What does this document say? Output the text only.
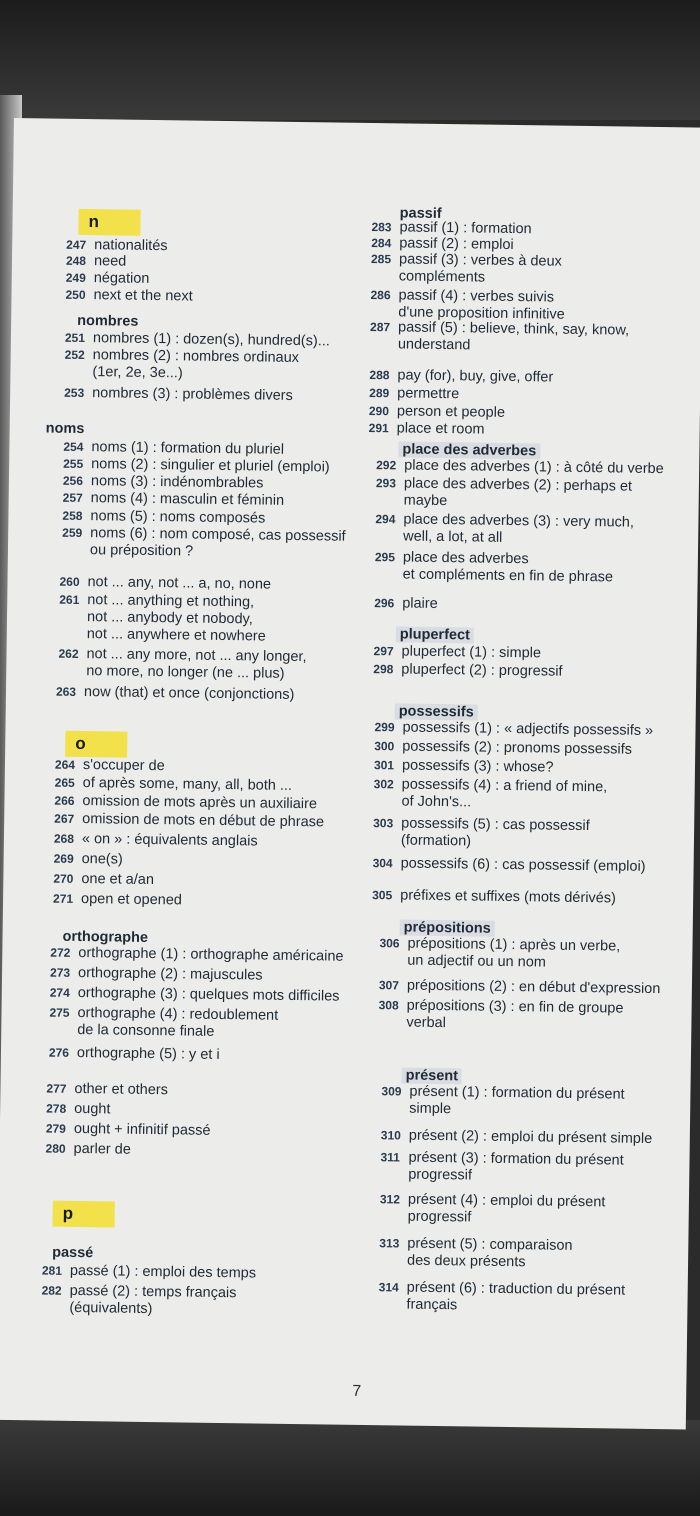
n
nombres
noms
o
orthographe
p
passé
247 nationalités
248 need
249 négation
250 next et the next
251 nombres (1) : dozen(s), hundred(s)...
252 nombres (2) : nombres ordinaux
(1er, 2e, 3e...)
253 nombres (3) : problèmes divers
254 noms (1) : formation du pluriel
255 noms (2) : singulier et pluriel (emploi)
256 noms (3) : indénombrables
257 noms (4) : masculin et féminin
258 noms (5) : noms composés
259 noms (6) : nom composé, cas possessif
ou préposition ?
260 not ... any, not ... a, no, none
261 not ... anything et nothing,
not ... anybody et nobody,
not ... anywhere et nowhere
262 not ... any more, not ... any longer,
no more, no longer (ne ... plus)
263 now (that) et once (conjonctions)
264 s'occuper de
265 of après some, many, all, both ...
266 omission de mots après un auxiliaire
267 omission de mots en début de phrase
268 « on » : équivalents anglais
269 one(s)
270 one et a/an
271 open et opened
272 orthographe (1) : orthographe américaine
273 orthographe (2) : majuscules
274 orthographe (3) : quelques mots difficiles
275 orthographe (4) : redoublement
de la consonne finale
276 orthographe (5) : y et i
277 other et others
278 ought
279 ought + infinitif passé
280 parler de
281 passé (1) : emploi des temps
282 passé (2) : temps français
(équivalents)
passif
place des adverbes
pluperfect
possessifs
prépositions
présent
283 passif (1) : formation
284 passif (2) : emploi
285 passif (3) : verbes à deux
compléments
286 passif (4) : verbes suivis
d'une proposition infinitive
287 passif (5) : believe, think, say, know,
understand
288 pay (for), buy, give, offer
289 permettre
290 person et people
291 place et room
292 place des adverbes (1) : à côté du verbe
293 place des adverbes (2) : perhaps et
maybe
294 place des adverbes (3) : very much,
well, a lot, at all
295 place des adverbes
et compléments en fin de phrase
296 plaire
297 pluperfect (1) : simple
298 pluperfect (2) : progressif
299 possessifs (1) : « adjectifs possessifs »
300 possessifs (2) : pronoms possessifs
301 possessifs (3) : whose?
302 possessifs (4) : a friend of mine,
of John's...
303 possessifs (5) : cas possessif
(formation)
304 possessifs (6) : cas possessif (emploi)
305 préfixes et suffixes (mots dérivés)
306 prépositions (1) : après un verbe,
un adjectif ou un nom
307 prépositions (2) : en début d'expression
308 prépositions (3) : en fin de groupe
verbal
309 présent (1) : formation du présent
simple
310 présent (2) : emploi du présent simple
311 présent (3) : formation du présent
progressif
312 présent (4) : emploi du présent
progressif
313 présent (5) : comparaison
des deux présents
314 présent (6) : traduction du présent
français
7
